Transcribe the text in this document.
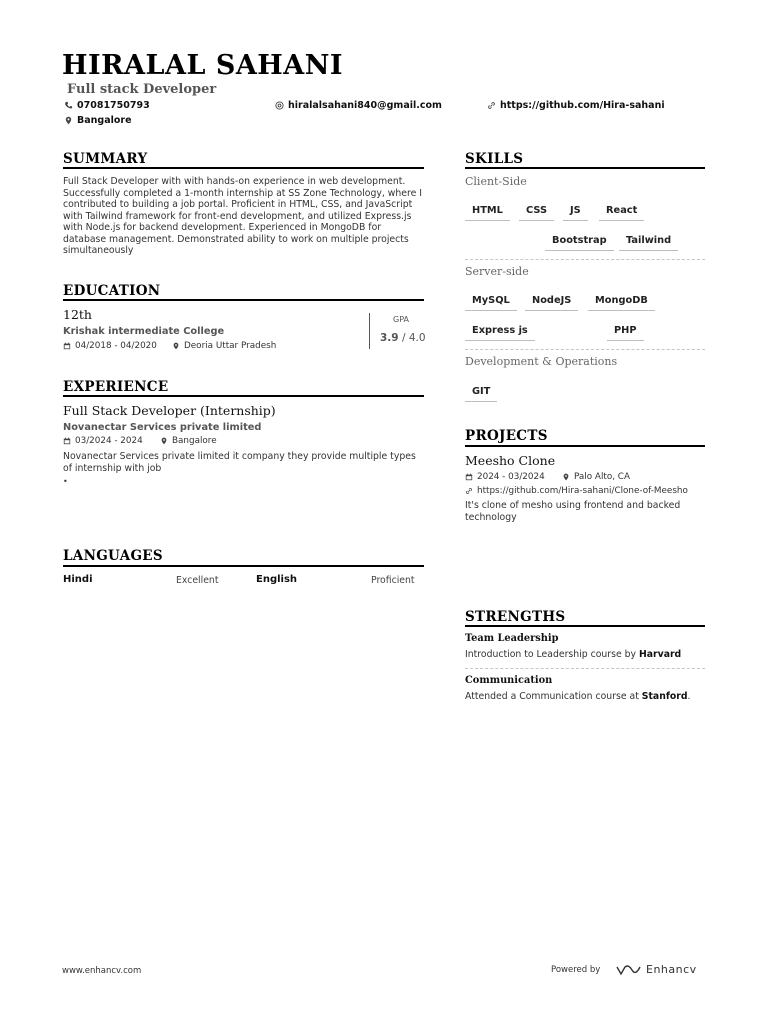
HIRALAL SAHANI
Full stack Developer
07081750793	hiralalsahani840@gmail.com	https://github.com/Hira-sahani
Bangalore
SUMMARY
Full Stack Developer with with hands-on experience in web development.
Successfully completed a 1-month internship at SS Zone Technology, where I
contributed to building a job portal. Proficient in HTML, CSS, and JavaScript
with Tailwind framework for front-end development, and utilized Express.js
with Node.js for backend development. Experienced in MongoDB for
database management. Demonstrated ability to work on multiple projects
simultaneously
EDUCATION
12th
Krishak intermediate College
04/2018 - 04/2020	Deoria Uttar Pradesh
GPA
3.9 / 4.0
EXPERIENCE
Full Stack Developer (Internship)
Novanectar Services private limited
03/2024 - 2024	Bangalore
Novanectar Services private limited it company they provide multiple types
of internship with job
•
LANGUAGES
Hindi	Excellent	English	Proficient
SKILLS
Client-Side
HTML	CSS	JS	React
Bootstrap	Tailwind
Server-side
MySQL	NodeJS	MongoDB
Express js	PHP
Development & Operations
GIT
PROJECTS
Meesho Clone
2024 - 03/2024	Palo Alto, CA
https://github.com/Hira-sahani/Clone-of-Meesho
It's clone of mesho using frontend and backed
technology
STRENGTHS
Team Leadership
Introduction to Leadership course by Harvard
Communication
Attended a Communication course at Stanford.
www.enhancv.com	Powered by	Enhancv
